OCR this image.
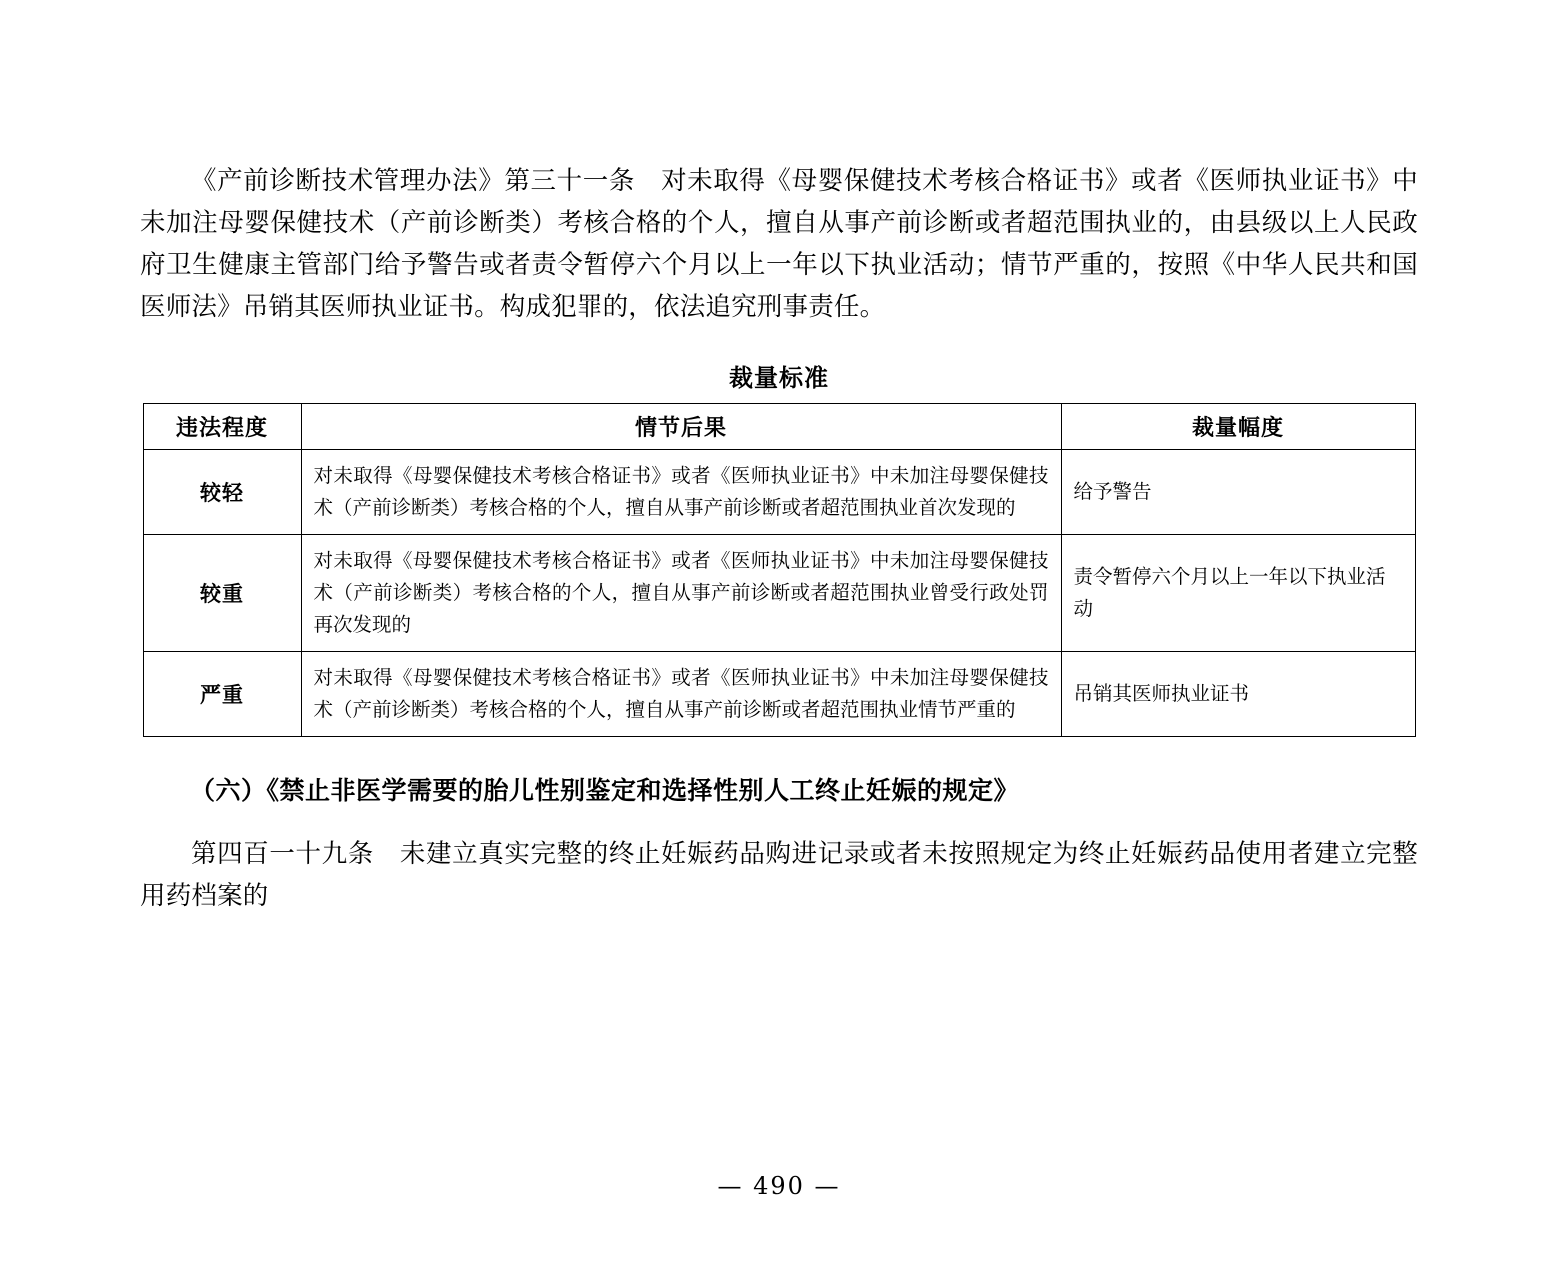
《产前诊断技术管理办法》第三十一条　对未取得《母婴保健技术考核合格证书》或者《医师执业证书》中未加注母婴保健技术（产前诊断类）考核合格的个人，擅自从事产前诊断或者超范围执业的，由县级以上人民政府卫生健康主管部门给予警告或者责令暂停六个月以上一年以下执业活动；情节严重的，按照《中华人民共和国医师法》吊销其医师执业证书。构成犯罪的，依法追究刑事责任。

裁量标准
违法程度	情节后果	裁量幅度
较轻	对未取得《母婴保健技术考核合格证书》或者《医师执业证书》中未加注母婴保健技术（产前诊断类）考核合格的个人，擅自从事产前诊断或者超范围执业首次发现的	给予警告
较重	对未取得《母婴保健技术考核合格证书》或者《医师执业证书》中未加注母婴保健技术（产前诊断类）考核合格的个人，擅自从事产前诊断或者超范围执业曾受行政处罚再次发现的	责令暂停六个月以上一年以下执业活动
严重	对未取得《母婴保健技术考核合格证书》或者《医师执业证书》中未加注母婴保健技术（产前诊断类）考核合格的个人，擅自从事产前诊断或者超范围执业情节严重的	吊销其医师执业证书

（六）《禁止非医学需要的胎儿性别鉴定和选择性别人工终止妊娠的规定》

第四百一十九条　未建立真实完整的终止妊娠药品购进记录或者未按照规定为终止妊娠药品使用者建立完整用药档案的

— 490 —
